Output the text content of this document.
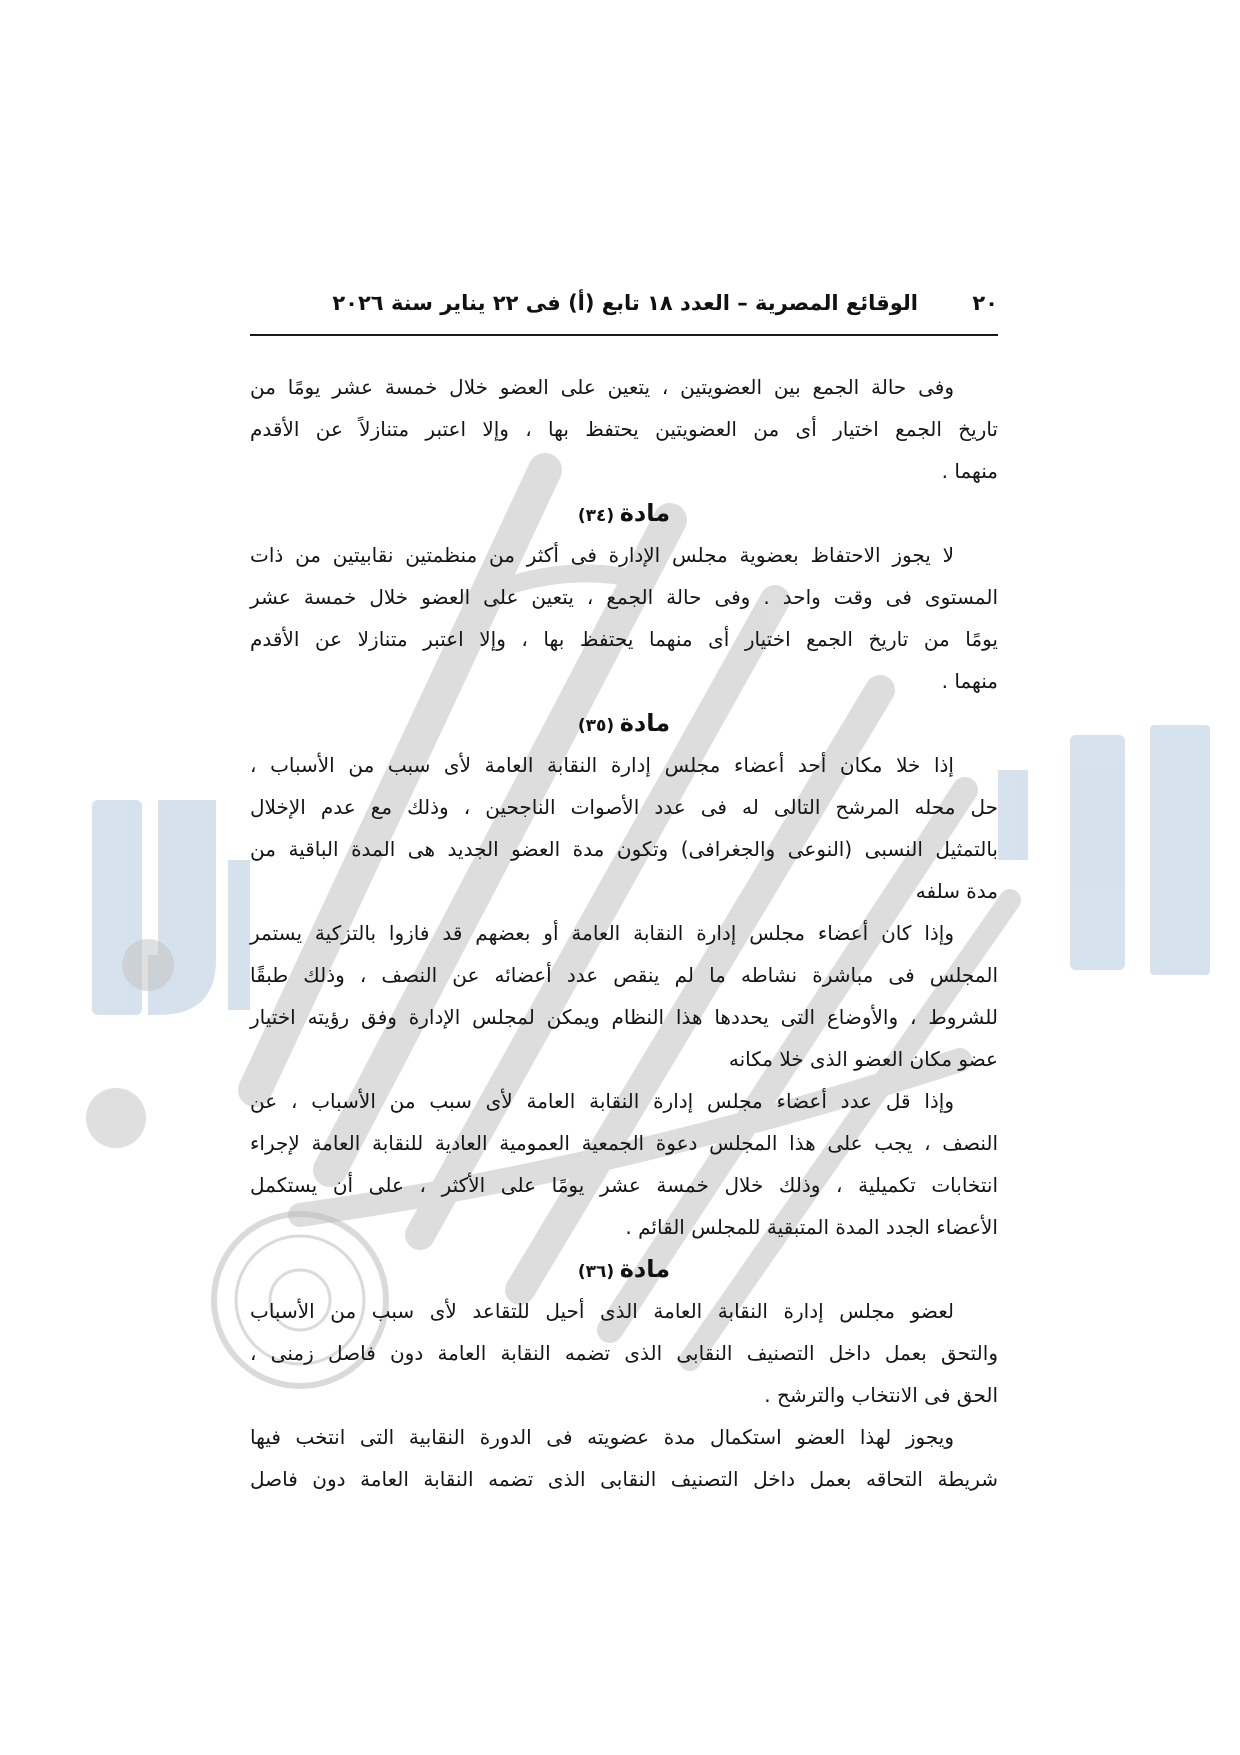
٢٠
الوقائع المصرية – العدد ١٨ تابع (أ) فى ٢٢ يناير سنة ٢٠٢٦
وفى حالة الجمع بين العضويتين ، يتعين على العضو خلال خمسة عشر يومًا من
تاريخ الجمع اختيار أى من العضويتين يحتفظ بها ، وإلا اعتبر متنازلاً عن الأقدم
منهما .
مادة (٣٤)
لا يجوز الاحتفاظ بعضوية مجلس الإدارة فى أكثر من منظمتين نقابيتين من ذات
المستوى فى وقت واحد . وفى حالة الجمع ، يتعين على العضو خلال خمسة عشر
يومًا من تاريخ الجمع اختيار أى منهما يحتفظ بها ، وإلا اعتبر متنازلا عن الأقدم
منهما .
مادة (٣٥)
إذا خلا مكان أحد أعضاء مجلس إدارة النقابة العامة لأى سبب من الأسباب ،
حل محله المرشح التالى له فى عدد الأصوات الناجحين ، وذلك مع عدم الإخلال
بالتمثيل النسبى (النوعى والجغرافى) وتكون مدة العضو الجديد هى المدة الباقية من
مدة سلفه
وإذا كان أعضاء مجلس إدارة النقابة العامة أو بعضهم قد فازوا بالتزكية يستمر
المجلس فى مباشرة نشاطه ما لم ينقص عدد أعضائه عن النصف ، وذلك طبقًا
للشروط ، والأوضاع التى يحددها هذا النظام ويمكن لمجلس الإدارة وفق رؤيته اختيار
عضو مكان العضو الذى خلا مكانه
وإذا قل عدد أعضاء مجلس إدارة النقابة العامة لأى سبب من الأسباب ، عن
النصف ، يجب على هذا المجلس دعوة الجمعية العمومية العادية للنقابة العامة لإجراء
انتخابات تكميلية ، وذلك خلال خمسة عشر يومًا على الأكثر ، على أن يستكمل
الأعضاء الجدد المدة المتبقية للمجلس القائم .
مادة (٣٦)
لعضو مجلس إدارة النقابة العامة الذى أحيل للتقاعد لأى سبب من الأسباب
والتحق بعمل داخل التصنيف النقابى الذى تضمه النقابة العامة دون فاصل زمنى ،
الحق فى الانتخاب والترشح .
ويجوز لهذا العضو استكمال مدة عضويته فى الدورة النقابية التى انتخب فيها
شريطة التحاقه بعمل داخل التصنيف النقابى الذى تضمه النقابة العامة دون فاصل
